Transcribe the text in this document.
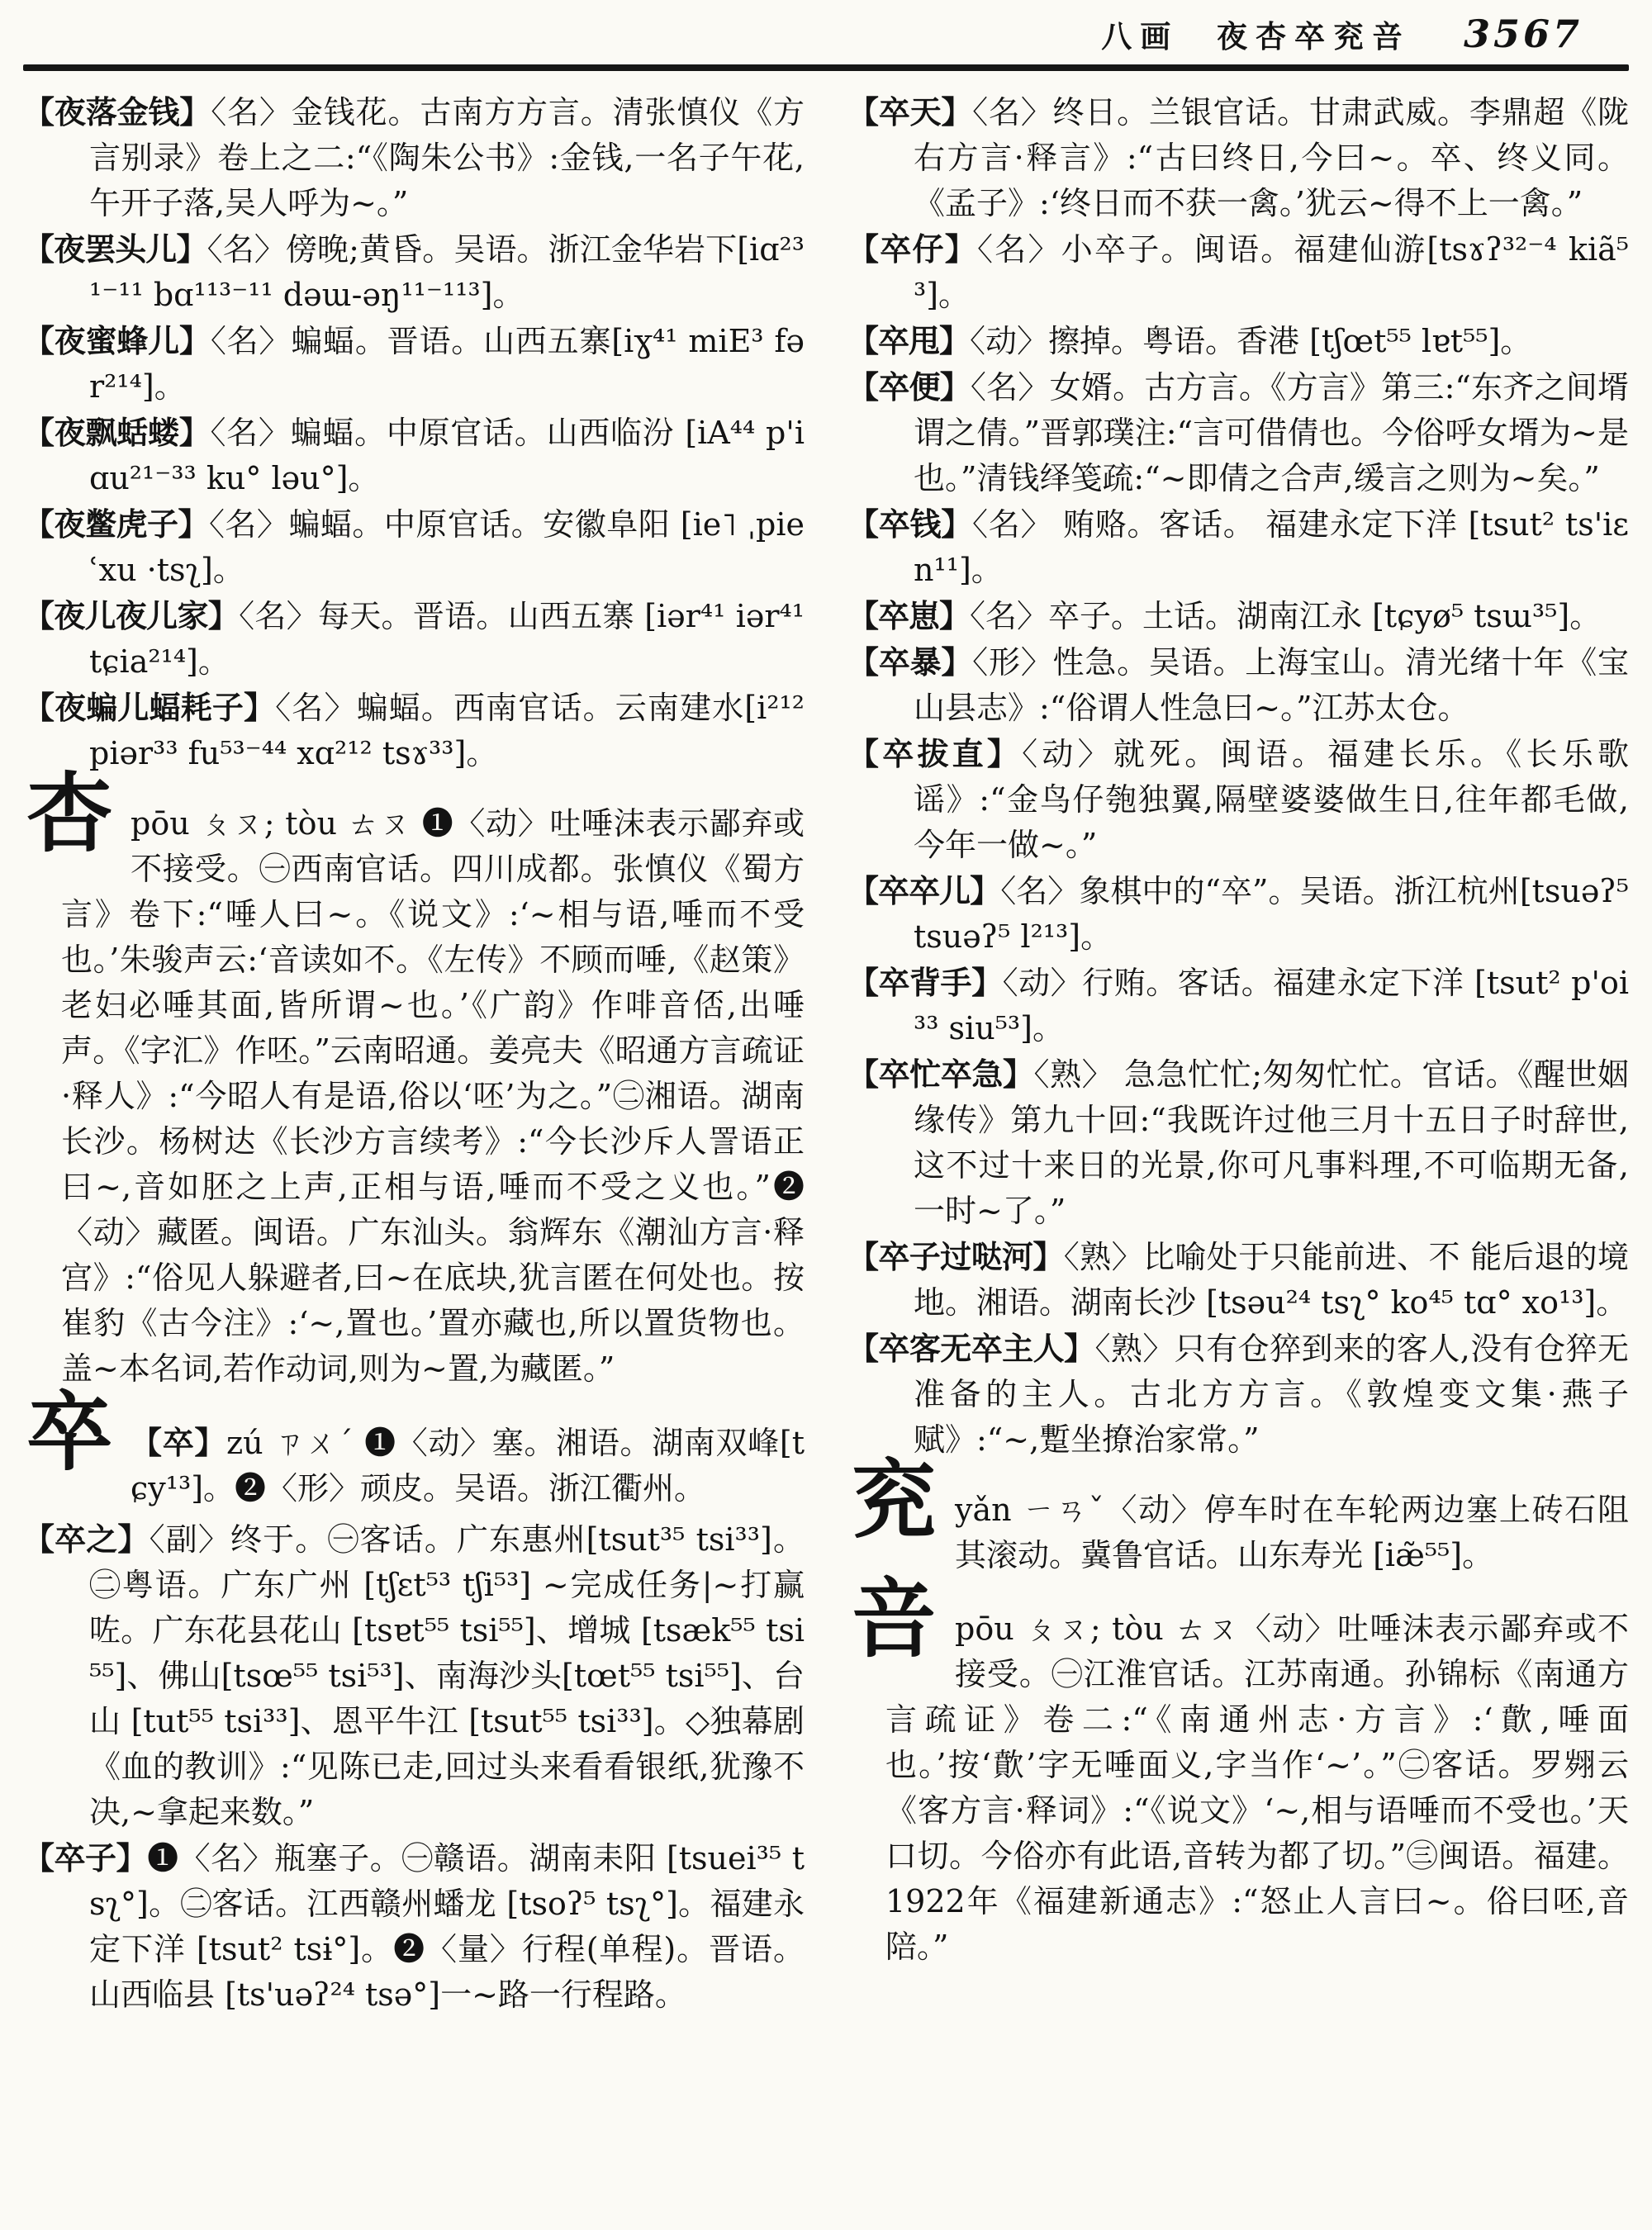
八画 夜杏卒兖咅 3567

【夜落金钱】〈名〉金钱花。古南方方言。清张慎仪《方言别录》卷上之二:“《陶朱公书》:金钱,一名子午花,午开子落,吴人呼为~。”

【夜罢头儿】〈名〉傍晚;黄昏。吴语。浙江金华岩下[iɑ²³¹⁻¹¹ bɑ¹¹³⁻¹¹ dəɯ-əŋ¹¹⁻¹¹³]。

【夜蜜蜂儿】〈名〉蝙蝠。晋语。山西五寨[iɣ⁴¹ miE³ fər²¹⁴]。

【夜飘蛞蝼】〈名〉蝙蝠。中原官话。山西临汾 [iA⁴⁴ p'iɑu²¹⁻³³ ku° ləu°]。

【夜鳖虎子】〈名〉蝙蝠。中原官话。安徽阜阳 [ie˥ ˌpie ʿxu ·tsʅ]。

【夜儿夜儿家】〈名〉每天。晋语。山西五寨 [iər⁴¹ iər⁴¹ tɕia²¹⁴]。

【夜蝙儿蝠耗子】〈名〉蝙蝠。西南官话。云南建水[i²¹² piər³³ fu⁵³⁻⁴⁴ xɑ²¹² tsɤ³³]。

杏 pōu ㄆㄡ; tòu ㄊㄡ ❶〈动〉吐唾沫表示鄙弃或不接受。㊀西南官话。四川成都。张慎仪《蜀方言》卷下:“唾人曰~。《说文》:‘~相与语,唾而不受也。’朱骏声云:‘音读如不。《左传》不顾而唾,《赵策》老妇必唾其面,皆所谓~也。’《广韵》作啡音俖,出唾声。《字汇》作呸。”云南昭通。姜亮夫《昭通方言疏证·释人》:“今昭人有是语,俗以‘呸’为之。”㊁湘语。湖南长沙。杨树达《长沙方言续考》:“今长沙斥人詈语正曰~,音如胚之上声,正相与语,唾而不受之义也。”❷〈动〉藏匿。闽语。广东汕头。翁辉东《潮汕方言·释宫》:“俗见人躲避者,曰~在底块,犹言匿在何处也。按崔豹《古今注》:‘~,置也。’置亦藏也,所以置货物也。盖~本名词,若作动词,则为~置,为藏匿。”

卒 【卒】zú ㄗㄨˊ ❶〈动〉塞。湘语。湖南双峰[tɕy¹³]。❷〈形〉顽皮。吴语。浙江衢州。

【卒之】〈副〉终于。㊀客话。广东惠州[tsut³⁵ tsi³³]。㊁粤语。广东广州 [tʃɛt⁵³ tʃi⁵³] ~完成任务|~打赢咗。广东花县花山 [tsɐt⁵⁵ tsi⁵⁵]、增城 [tsæk⁵⁵ tsi⁵⁵]、佛山[tsœ⁵⁵ tsi⁵³]、南海沙头[tœt⁵⁵ tsi⁵⁵]、台山 [tut⁵⁵ tsi³³]、恩平牛江 [tsut⁵⁵ tsi³³]。◇独幕剧《血的教训》:“见陈已走,回过头来看看银纸,犹豫不决,~拿起来数。”

【卒子】❶〈名〉瓶塞子。㊀赣语。湖南耒阳 [tsuei³⁵ tsʅ°]。㊁客话。江西赣州蟠龙 [tsoʔ⁵ tsʅ°]。福建永定下洋 [tsut² tsɨ°]。❷〈量〉行程(单程)。晋语。山西临县 [ts'uəʔ²⁴ tsə°]一~路一行程路。

【卒天】〈名〉终日。兰银官话。甘肃武威。李鼎超《陇右方言·释言》:“古曰终日,今曰~。卒、终义同。《孟子》:‘终日而不获一禽。’犹云~得不上一禽。”

【卒仔】〈名〉小卒子。闽语。福建仙游[tsɤʔ³²⁻⁴ kiã⁵³]。

【卒甩】〈动〉擦掉。粤语。香港 [tʃœt⁵⁵ lɐt⁵⁵]。

【卒便】〈名〉女婿。古方言。《方言》第三:“东齐之间壻谓之倩。”晋郭璞注:“言可借倩也。今俗呼女壻为~是也。”清钱绎笺疏:“~即倩之合声,缓言之则为~矣。”

【卒钱】〈名〉 贿赂。客话。 福建永定下洋 [tsut² ts'iɛn¹¹]。

【卒崽】〈名〉卒子。土话。湖南江永 [tɕyø⁵ tsɯ³⁵]。

【卒暴】〈形〉性急。吴语。上海宝山。清光绪十年《宝山县志》:“俗谓人性急曰~。”江苏太仓。

【卒拔直】〈动〉就死。闽语。福建长乐。《长乐歌谣》:“金鸟仔匏独翼,隔壁婆婆做生日,往年都毛做,今年一做~。”

【卒卒儿】〈名〉象棋中的“卒”。吴语。浙江杭州[tsuəʔ⁵ tsuəʔ⁵ l²¹³]。

【卒背手】〈动〉行贿。客话。福建永定下洋 [tsut² p'oi³³ siu⁵³]。

【卒忙卒急】〈熟〉 急急忙忙;匆匆忙忙。官话。《醒世姻缘传》第九十回:“我既许过他三月十五日子时辞世,这不过十来日的光景,你可凡事料理,不可临期无备,一时~了。”

【卒子过哒河】〈熟〉比喻处于只能前进、不 能后退的境地。湘语。湖南长沙 [tsəu²⁴ tsʅ° ko⁴⁵ tɑ° xo¹³]。

【卒客无卒主人】〈熟〉只有仓猝到来的客人,没有仓猝无准备的主人。古北方方言。《敦煌变文集·燕子赋》:“~,蹔坐撩治家常。”

兖 yǎn ㄧㄢˇ〈动〉停车时在车轮两边塞上砖石阻其滚动。冀鲁官话。山东寿光 [iæ̃⁵⁵]。

咅 pōu ㄆㄡ; tòu ㄊㄡ〈动〉吐唾沫表示鄙弃或不接受。㊀江淮官话。江苏南通。孙锦标《南通方言疏证》卷二:“《南通州志·方言》:‘歕,唾面也。’按‘歕’字无唾面义,字当作‘~’。”㊁客话。罗翙云《客方言·释词》:“《说文》‘~,相与语唾而不受也。’天口切。今俗亦有此语,音转为都了切。”㊂闽语。福建。1922年《福建新通志》:“怒止人言曰~。俗曰呸,音陪。”
